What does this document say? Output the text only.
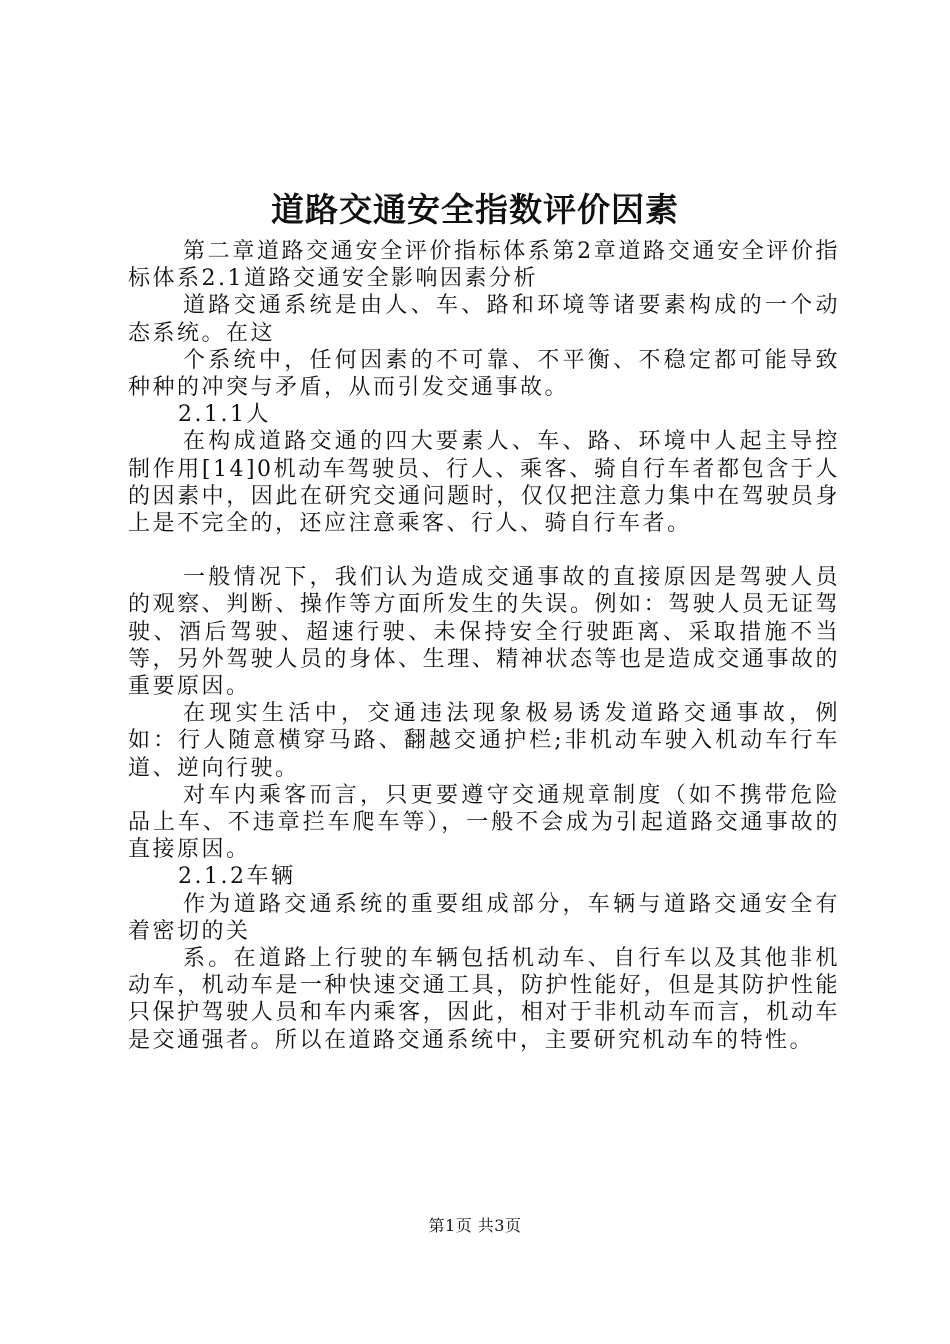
道路交通安全指数评价因素

第二章道路交通安全评价指标体系第2章道路交通安全评价指标体系2.1道路交通安全影响因素分析

道路交通系统是由人、车、路和环境等诸要素构成的一个动态系统。在这

个系统中，任何因素的不可靠、不平衡、不稳定都可能导致种种的冲突与矛盾，从而引发交通事故。

2.1.1人

在构成道路交通的四大要素人、车、路、环境中人起主导控制作用[14]0机动车驾驶员、行人、乘客、骑自行车者都包含于人的因素中，因此在研究交通问题时，仅仅把注意力集中在驾驶员身上是不完全的，还应注意乘客、行人、骑自行车者。

一般情况下，我们认为造成交通事故的直接原因是驾驶人员的观察、判断、操作等方面所发生的失误。例如：驾驶人员无证驾驶、酒后驾驶、超速行驶、未保持安全行驶距离、采取措施不当等，另外驾驶人员的身体、生理、精神状态等也是造成交通事故的重要原因。

在现实生活中，交通违法现象极易诱发道路交通事故，例如：行人随意横穿马路、翻越交通护栏;非机动车驶入机动车行车道、逆向行驶。

对车内乘客而言，只更要遵守交通规章制度（如不携带危险品上车、不违章拦车爬车等），一般不会成为引起道路交通事故的直接原因。

2.1.2车辆

作为道路交通系统的重要组成部分，车辆与道路交通安全有着密切的关

系。在道路上行驶的车辆包括机动车、自行车以及其他非机动车，机动车是一种快速交通工具，防护性能好，但是其防护性能只保护驾驶人员和车内乘客，因此，相对于非机动车而言，机动车是交通强者。所以在道路交通系统中，主要研究机动车的特性。

第1页 共3页
